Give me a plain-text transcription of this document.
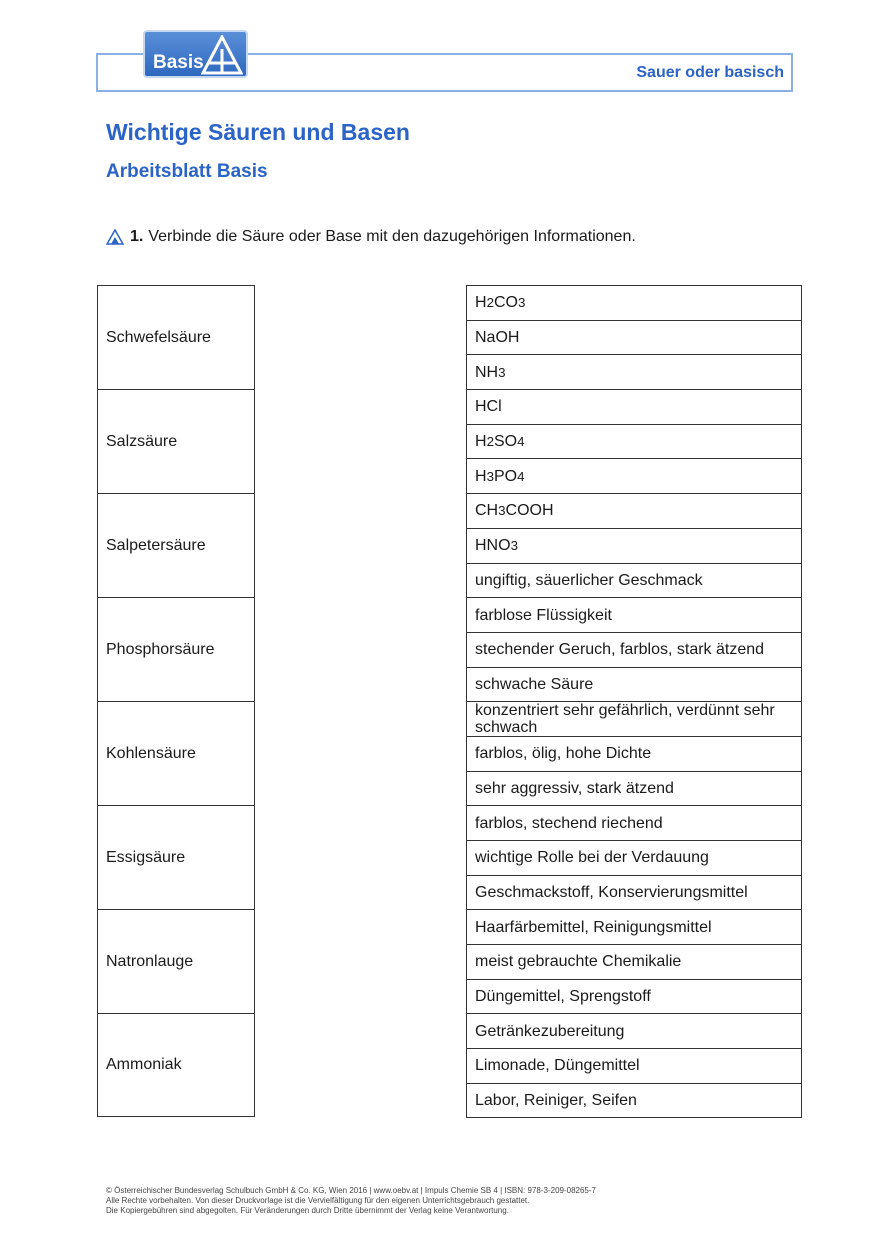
Basis	Sauer oder basisch
Wichtige Säuren und Basen
Arbeitsblatt Basis
1. Verbinde die Säure oder Base mit den dazugehörigen Informationen.
Schwefelsäure
Salzsäure
Salpetersäure
Phosphorsäure
Kohlensäure
Essigsäure
Natronlauge
Ammoniak
H 2 CO 3
NaOH
NH 3
HCl
H 2 SO 4
H 3 PO 4
CH 3 COOH
HNO 3
ungiftig, säuerlicher Geschmack
farblose Flüssigkeit
stechender Geruch, farblos, stark ätzend
schwache Säure
konzentriert sehr gefährlich, verdünnt sehr schwach
farblos, ölig, hohe Dichte
sehr aggressiv, stark ätzend
farblos, stechend riechend
wichtige Rolle bei der Verdauung
Geschmackstoff, Konservierungsmittel
Haarfärbemittel, Reinigungsmittel
meist gebrauchte Chemikalie
Düngemittel, Sprengstoff
Getränkezubereitung
Limonade, Düngemittel
Labor, Reiniger, Seifen
© Österreichischer Bundesverlag Schulbuch GmbH & Co. KG, Wien 2016 | www.oebv.at | Impuls Chemie SB 4 | ISBN: 978-3-209-08265-7
Alle Rechte vorbehalten. Von dieser Druckvorlage ist die Vervielfältigung für den eigenen Unterrichtsgebrauch gestattet.
Die Kopiergebühren sind abgegolten. Für Veränderungen durch Dritte übernimmt der Verlag keine Verantwortung.
